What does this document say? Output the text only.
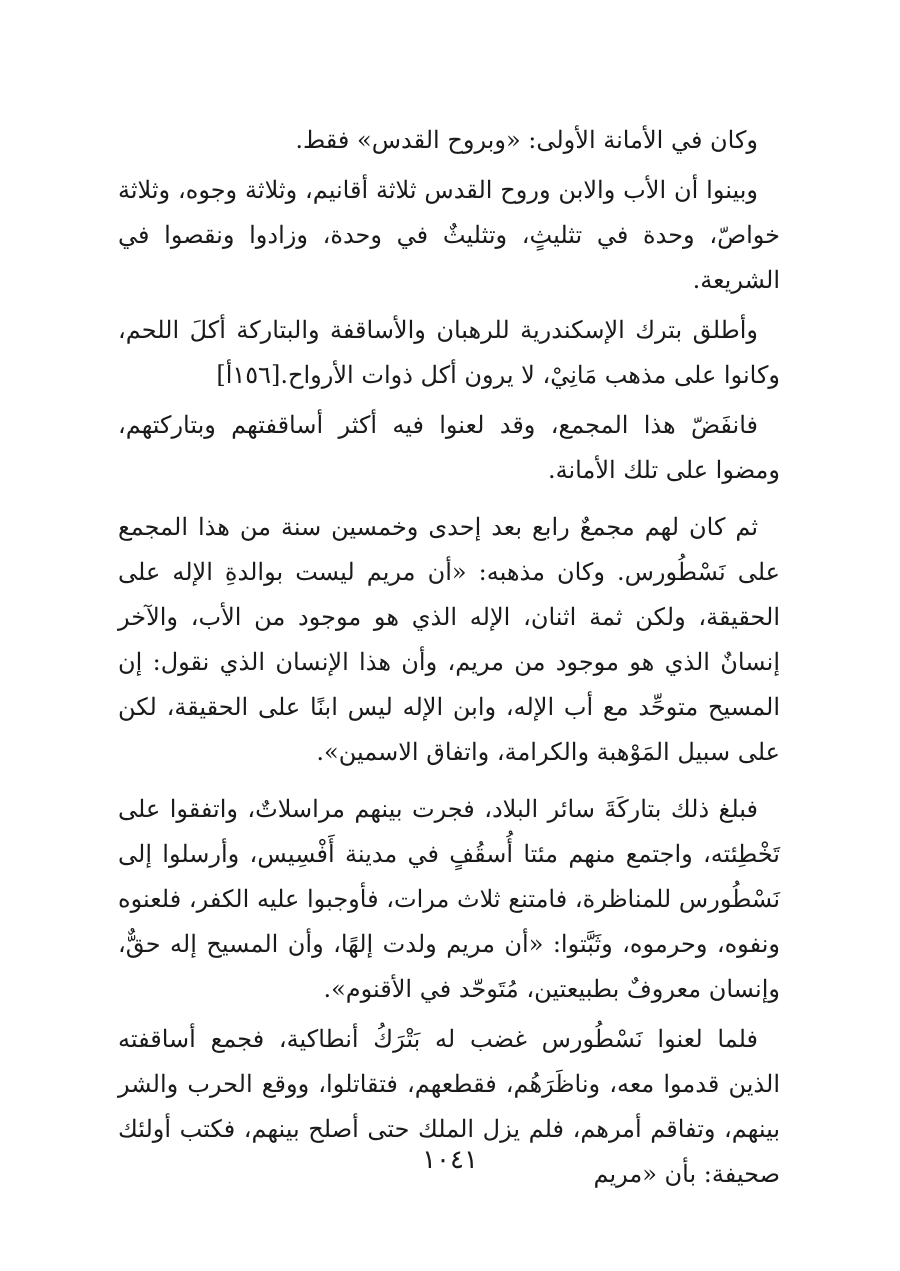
وكان في الأمانة الأولى: «وبروح القدس» فقط.

وبينوا أن الأب والابن وروح القدس ثلاثة أقانيم، وثلاثة وجوه، وثلاثة خواصّ، وحدة في تثليثٍ، وتثليثٌ في وحدة، وزادوا ونقصوا في الشريعة.

وأطلق بترك الإسكندرية للرهبان والأساقفة والبتاركة أكلَ اللحم، وكانوا على مذهب مَانِيْ، لا يرون أكل ذوات الأرواح.[١٥٦أ]

فانفَضّ هذا المجمع، وقد لعنوا فيه أكثر أساقفتهم وبتاركتهم، ومضوا على تلك الأمانة.

ثم كان لهم مجمعٌ رابع بعد إحدى وخمسين سنة من هذا المجمع على نَسْطُورس. وكان مذهبه: «أن مريم ليست بوالدةِ الإله على الحقيقة، ولكن ثمة اثنان، الإله الذي هو موجود من الأب، والآخر إنسانٌ الذي هو موجود من مريم، وأن هذا الإنسان الذي نقول: إن المسيح متوحِّد مع أب الإله، وابن الإله ليس ابنًا على الحقيقة، لكن على سبيل المَوْهبة والكرامة، واتفاق الاسمين».

فبلغ ذلك بتاركَةَ سائر البلاد، فجرت بينهم مراسلاتٌ، واتفقوا على تَخْطِئته، واجتمع منهم مئتا أُسقُفٍ في مدينة أَفْسِيس، وأرسلوا إلى نَسْطُورس للمناظرة، فامتنع ثلاث مرات، فأوجبوا عليه الكفر، فلعنوه ونفوه، وحرموه، وثَبَّتوا: «أن مريم ولدت إلهًا، وأن المسيح إله حقٌّ، وإنسان معروفٌ بطبيعتين، مُتَوحّد في الأقنوم».

فلما لعنوا نَسْطُورس غضب له بَتْرَكُ أنطاكية، فجمع أساقفته الذين قدموا معه، وناظَرَهُم، فقطعهم، فتقاتلوا، ووقع الحرب والشر بينهم، وتفاقم أمرهم، فلم يزل الملك حتى أصلح بينهم، فكتب أولئك صحيفة: بأن «مريم

١٠٤١
